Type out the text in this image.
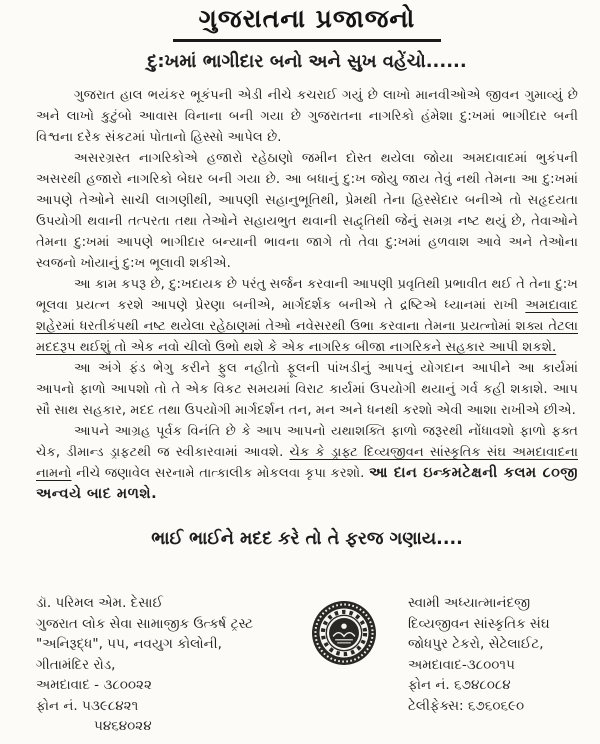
ગુજરાતના પ્રજાજનો
દુ:ખમાં ભાગીદાર બનો અને સુખ વહેંચો......

ગુજરાત હાલ ભયંકર ભૂકંપની એડી નીચે કચરાઈ ગયું છે લાખો માનવીઓએ જીવન ગુમાવ્યું છે અને લાખો કુટુંબો આવાસ વિનાના બની ગયા છે ગુજરાતના નાગરિકો હંમેશા દુ:ખમાં ભાગીદાર બની વિશ્વના દરેક સંકટમાં પોતાનો હિસ્સો આપેલ છે.

અસરગ્રસ્ત નાગરિકોએ હજારો રહેઠાણો જમીન દોસ્ત થયેલા જોયા અમદાવાદમાં ભુકંપની અસરથી હજારો નાગરિકો બેઘર બની ગયા છે. આ બધાનું દુ:ખ જોયુ જાય તેવું નથી તેમના આ દુ:ખમાં આપણે તેઓને સાચી લાગણીથી, આપણી સહાનુભૂતિથી, પ્રેમથી તેના હિસ્સેદાર બનીએ તો સહૃદયતા ઉપયોગી થવાની તત્પરતા તથા તેઓને સહાયભુત થવાની સદ્વૃતિથી જેનું સમગ્ર નષ્ટ થયું છે, તેવાઓને તેમના દુ:ખમાં આપણે ભાગીદાર બન્યાની ભાવના જાગે તો તેવા દુ:ખમાં હળવાશ આવે અને તેઓના સ્વજનો ખોયાનું દુ:ખ ભૂલાવી શકીએ.

આ કામ કપરૂ છે, દુ:ખદાયક છે પરંતુ સર્જન કરવાની આપણી પ્રવૃતિથી પ્રભાવીત થઈ તે તેના દુ:ખ ભૂલવા પ્રયત્ન કરશે આપણે પ્રેરણા બનીએ, માર્ગદર્શક બનીએ તે દ્રષ્ટિએ ધ્યાનમાં રાખી અમદાવાદ શહેરમાં ધરતીકંપથી નષ્ટ થયેલા રહેઠાણમાં તેઓ નવેસરથી ઉભા કરવાના તેમના પ્રયત્નોમાં શક્ય તેટલા મદદરૂપ થઈશું તો એક નવો ચીલો ઉભો થશે કે એક નાગરિક બીજા નાગરિકને સહકાર આપી શકશે.

આ અંગે ફંડ ભેગુ કરીને ફુલ નહીતો ફૂલની પાંખડીનું આપનું યોગદાન આપીને આ કાર્યમાં આપનો ફાળો આપશો તો તે એક વિકટ સમયમાં વિરાટ કાર્યમાં ઉપયોગી થયાનું ગર્વ કહી શકાશે. આપ સૌ સાથ સહકાર, મદદ તથા ઉપયોગી માર્ગદર્શન તન, મન અને ધનથી કરશો એવી આશા રાખીએ છીએ.

આપને આગ્રહ પૂર્વક વિનંતિ છે કે આપ આપનો યથાશક્તિ ફાળો જરૂરથી નોંધાવશો ફાળો ફક્ત ચેક, ડીમાન્ડ ડ્રાફટથી જ સ્વીકારવામાં આવશે. ચેક કે ડ્રાફ્ટ દિવ્યજીવન સાંસ્કૃતિક સંઘ અમદાવાદના નામનો નીચે જણાવેલ સરનામે તાત્કાલીક મોકલવા કૃપા કરશો. આ દાન ઇન્કમટેક્ષની કલમ ૮૦જી અન્વયે બાદ મળશે.

ભાઈ ભાઈને મદદ કરે તો તે ફરજ ગણાય....
ડૉ. પરિમલ એમ. દેસાઈ
ગુજરાત લોક સેવા સામાજીક ઉત્કર્ષ ટ્રસ્ટ
"અનિરૂદ્ધ", ૫૫, નવયુગ કોલોની,
ગીતામંદિર રોડ,
અમદાવાદ - ૩૮૦૦૨૨
ફોન નં. ૫૩૯૮૪૨૧
૫૪૬૪૦૨૪
સ્વામી અધ્યાત્માનંદજી
દિવ્યજીવન સાંસ્કૃતિક સંઘ
જોધપુર ટેકરો, સેટેલાઈટ,
અમદાવાદ-૩૮૦૦૧૫
ફોન નં. ૬૭૪૮૦૮૪
ટેલીફેક્સ: ૬૭૬૦૬૯૦
